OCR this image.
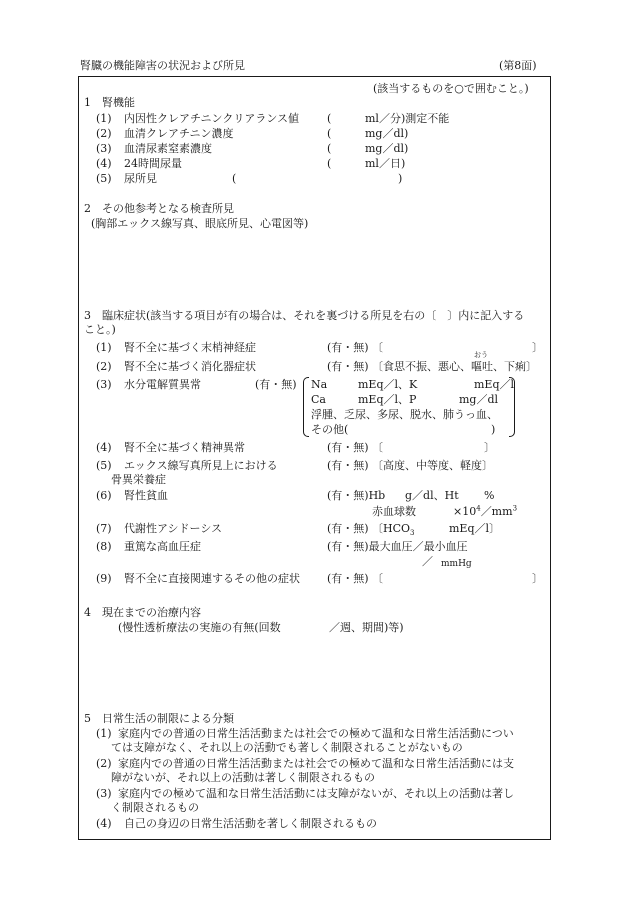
腎臓の機能障害の状況および所見	(第8面)
(該当するものを○で囲むこと。)
1　腎機能
(1) 内因性クレアチニンクリアランス値	(	ml／分)測定不能
(2) 血清クレアチニン濃度	(	mg／dl)
(3) 血清尿素窒素濃度	(	mg／dl)
(4) 24時間尿量	(	ml／日)
(5) 尿所見	(	)
2　その他参考となる検査所見
(胸部エックス線写真、眼底所見、心電図等)
3　臨床症状(該当する項目が有の場合は、それを裏づける所見を右の〔　〕内に記入する
こと。)
(1) 腎不全に基づく末梢神経症	(有・無) 〔	〕
(2) 腎不全に基づく消化器症状	(有・無) 〔食思不振、悪心、嘔吐、下痢〕
おう
(3) 水分電解質異常	(有・無) Na	mEq／l、K	mEq／l
Ca	mEq／l、P	mg／dl
浮腫、乏尿、多尿、脱水、肺うっ血、
その他(	)
(4) 腎不全に基づく精神異常	(有・無) 〔	〕
(5) エックス線写真所見上における
骨異栄養症
(有・無) 〔高度、中等度、軽度〕
(6) 腎性貧血	(有・無)Hb g／dl、Ht %
赤血球数	$\times 10^4/mm^3$
(7) 代謝性アシドーシス	(有・無) 〔$HCO_3$	mEq／l〕
(8) 重篤な高血圧症	(有・無)最大血圧／最小血圧
／ mmHg
(9) 腎不全に直接関連するその他の症状 (有・無) 〔	〕
4　現在までの治療内容
(慢性透析療法の実施の有無(回数	／週、期間)等)
5　日常生活の制限による分類
(1) 家庭内での普通の日常生活活動または社会での極めて温和な日常生活活動につい
ては支障がなく、それ以上の活動でも著しく制限されることがないもの
(2) 家庭内での普通の日常生活活動または社会での極めて温和な日常生活活動には支
障がないが、それ以上の活動は著しく制限されるもの
(3) 家庭内での極めて温和な日常生活活動には支障がないが、それ以上の活動は著し
く制限されるもの
(4) 自己の身辺の日常生活活動を著しく制限されるもの
